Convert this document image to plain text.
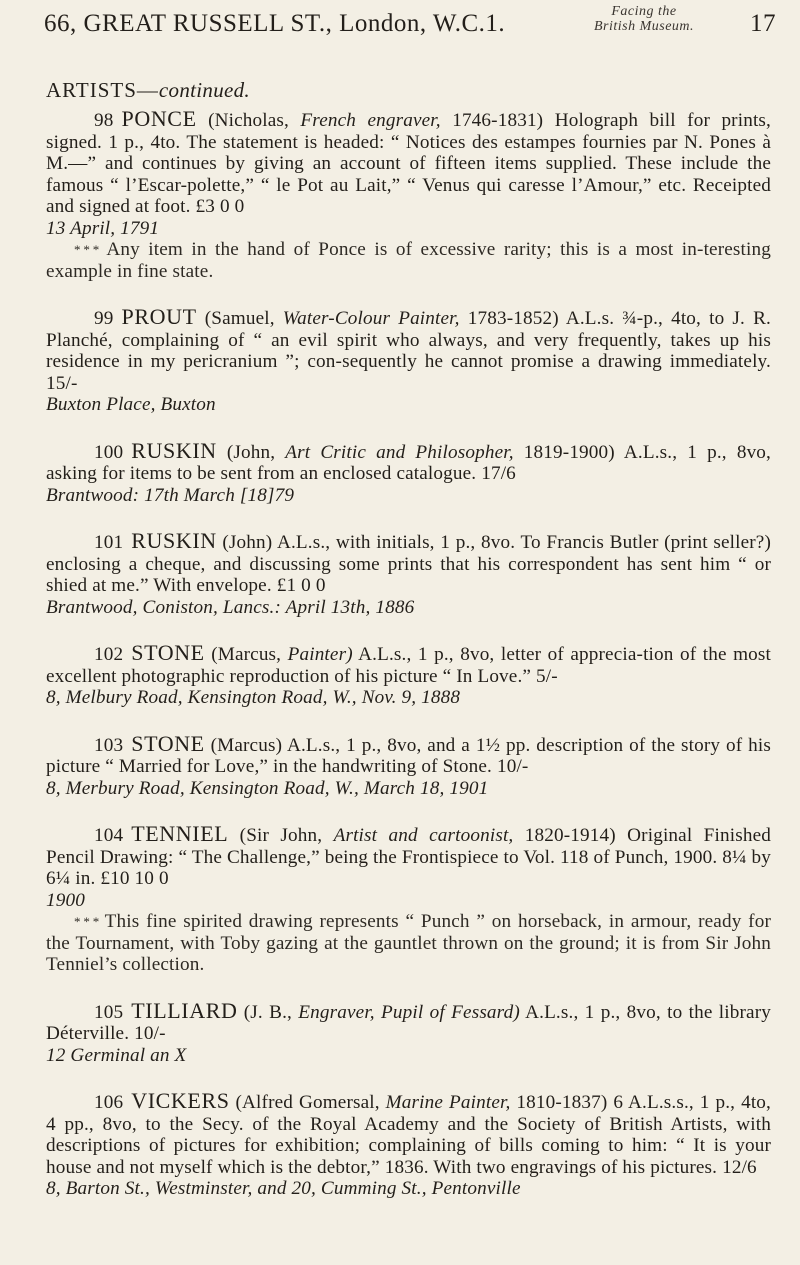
66, GREAT RUSSELL ST., London, W.C.1.	Facing the
British Museum.	17
ARTISTS—continued.

98 PONCE (Nicholas, French engraver, 1746-1831) Holograph bill for prints, signed. 1 p., 4to. The statement is headed: “ Notices des estampes fournies par N. Pones à M.—” and continues by giving an account of fifteen items supplied. These include the famous “ l’Escar-polette,” “ le Pot au Lait,” “ Venus qui caresse l’Amour,” etc. Receipted and signed at foot. £3 0 0

13 April, 1791

* * * Any item in the hand of Ponce is of excessive rarity; this is a most in-teresting example in fine state.

99 PROUT (Samuel, Water-Colour Painter, 1783-1852) A.L.s. ¾-p., 4to, to J. R. Planché, complaining of “ an evil spirit who always, and very frequently, takes up his residence in my pericranium ”; con-sequently he cannot promise a drawing immediately. 15/-

Buxton Place, Buxton

100 RUSKIN (John, Art Critic and Philosopher, 1819-1900) A.L.s., 1 p., 8vo, asking for items to be sent from an enclosed catalogue. 17/6

Brantwood: 17th March [18]79

101 RUSKIN (John) A.L.s., with initials, 1 p., 8vo. To Francis Butler (print seller?) enclosing a cheque, and discussing some prints that his correspondent has sent him “ or shied at me.” With envelope. £1 0 0

Brantwood, Coniston, Lancs.: April 13th, 1886

102 STONE (Marcus, Painter) A.L.s., 1 p., 8vo, letter of apprecia-tion of the most excellent photographic reproduction of his picture “ In Love.” 5/-

8, Melbury Road, Kensington Road, W., Nov. 9, 1888

103 STONE (Marcus) A.L.s., 1 p., 8vo, and a 1½ pp. description of the story of his picture “ Married for Love,” in the handwriting of Stone. 10/-

8, Merbury Road, Kensington Road, W., March 18, 1901

104 TENNIEL (Sir John, Artist and cartoonist, 1820-1914) Original Finished Pencil Drawing: “ The Challenge,” being the Frontispiece to Vol. 118 of Punch, 1900. 8¼ by 6¼ in. £10 10 0

1900

* * * This fine spirited drawing represents “ Punch ” on horseback, in armour, ready for the Tournament, with Toby gazing at the gauntlet thrown on the ground; it is from Sir John Tenniel’s collection.

105 TILLIARD (J. B., Engraver, Pupil of Fessard) A.L.s., 1 p., 8vo, to the library Déterville. 10/-

12 Germinal an X

106 VICKERS (Alfred Gomersal, Marine Painter, 1810-1837) 6 A.L.s.s., 1 p., 4to, 4 pp., 8vo, to the Secy. of the Royal Academy and the Society of British Artists, with descriptions of pictures for exhibition; complaining of bills coming to him: “ It is your house and not myself which is the debtor,” 1836. With two engravings of his pictures. 12/6

8, Barton St., Westminster, and 20, Cumming St., Pentonville
